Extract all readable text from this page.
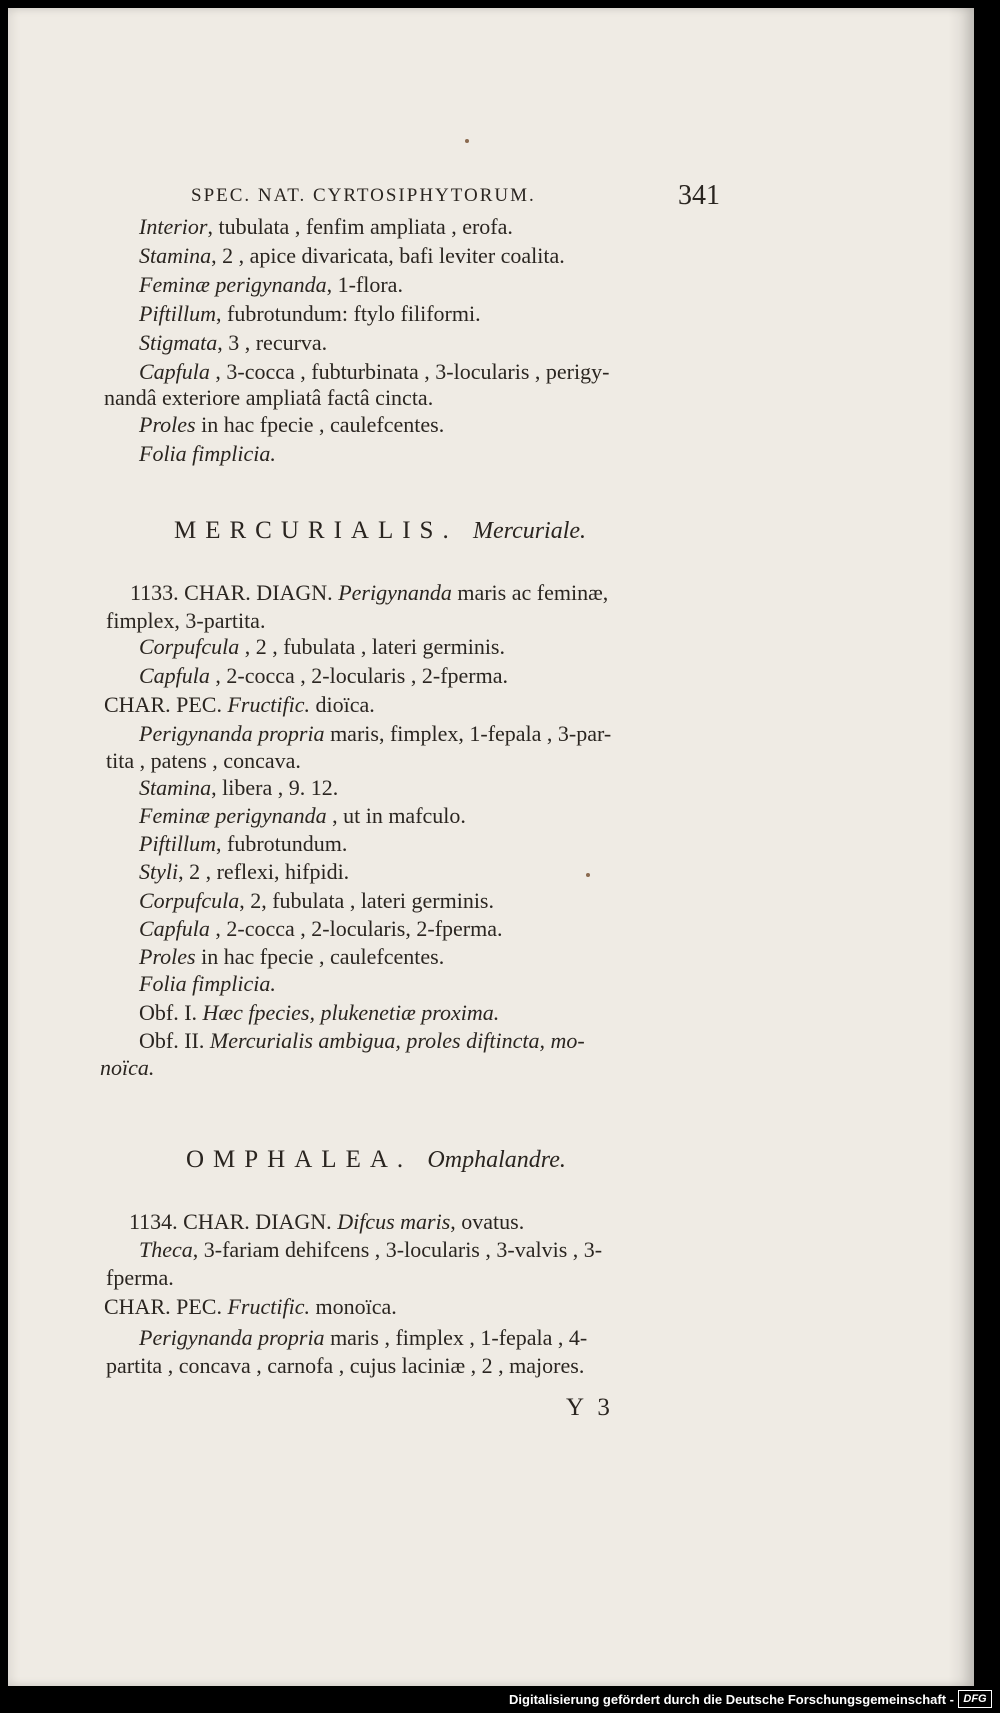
SPEC. NAT. CYRTOSIPHYTORUM.	341
Interior, tubulata , fenfim ampliata , erofa.
Stamina, 2 , apice divaricata, bafi leviter coalita.
Feminæ perigynanda, 1-flora.
Piftillum, fubrotundum: ftylo filiformi.
Stigmata, 3 , recurva.
Capfula , 3-cocca , fubturbinata , 3-locularis , perigy-
nandâ exteriore ampliatâ factâ cincta.
Proles in hac fpecie , caulefcentes.
Folia fimplicia.
MERCURIALIS. Mercuriale.
1133. CHAR. DIAGN. Perigynanda maris ac feminæ,
fimplex, 3-partita.
Corpufcula , 2 , fubulata , lateri germinis.
Capfula , 2-cocca , 2-locularis , 2-fperma.
CHAR. PEC. Fructific. dioïca.
Perigynanda propria maris, fimplex, 1-fepala , 3-par-
tita , patens , concava.
Stamina, libera , 9. 12.
Feminæ perigynanda , ut in mafculo.
Piftillum, fubrotundum.
Styli, 2 , reflexi, hifpidi.
Corpufcula, 2, fubulata , lateri germinis.
Capfula , 2-cocca , 2-locularis, 2-fperma.
Proles in hac fpecie , caulefcentes.
Folia fimplicia.
Obf. I. Hæc fpecies, plukenetiæ proxima.
Obf. II. Mercurialis ambigua, proles diftincta, mo-
noïca.
OMPHALEA. Omphalandre.
1134. CHAR. DIAGN. Difcus maris, ovatus.
Theca, 3-fariam dehifcens , 3-locularis , 3-valvis , 3-
fperma.
CHAR. PEC. Fructific. monoïca.
Perigynanda propria maris , fimplex , 1-fepala , 4-
partita , concava , carnofa , cujus laciniæ , 2 , majores.
Y 3
Digitalisierung gefördert durch die Deutsche Forschungsgemeinschaft - DFG
